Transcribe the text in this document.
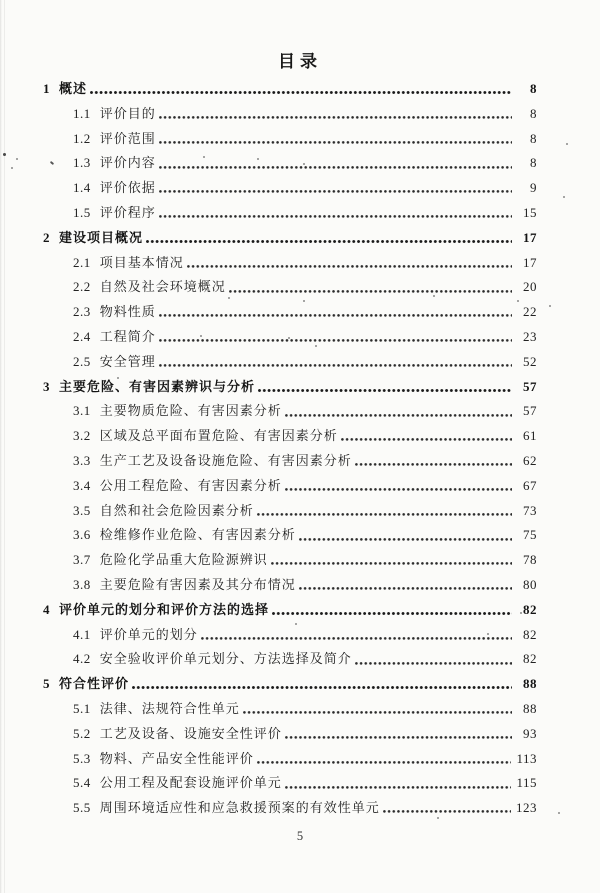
目录
1 概述	8
1.1 评价目的	8
1.2 评价范围	8
1.3 评价内容	8
1.4 评价依据	9
1.5 评价程序	15
2 建设项目概况	17
2.1 项目基本情况	17
2.2 自然及社会环境概况	20
2.3 物料性质	22
2.4 工程简介	23
2.5 安全管理	52
3 主要危险、有害因素辨识与分析	57
3.1 主要物质危险、有害因素分析	57
3.2 区域及总平面布置危险、有害因素分析	61
3.3 生产工艺及设备设施危险、有害因素分析	62
3.4 公用工程危险、有害因素分析	67
3.5 自然和社会危险因素分析	73
3.6 检维修作业危险、有害因素分析	75
3.7 危险化学品重大危险源辨识	78
3.8 主要危险有害因素及其分布情况	80
4 评价单元的划分和评价方法的选择	82
4.1 评价单元的划分	82
4.2 安全验收评价单元划分、方法选择及简介	82
5 符合性评价	88
5.1 法律、法规符合性单元	88
5.2 工艺及设备、设施安全性评价	93
5.3 物料、产品安全性能评价	113
5.4 公用工程及配套设施评价单元	115
5.5 周围环境适应性和应急救援预案的有效性单元	123
5
